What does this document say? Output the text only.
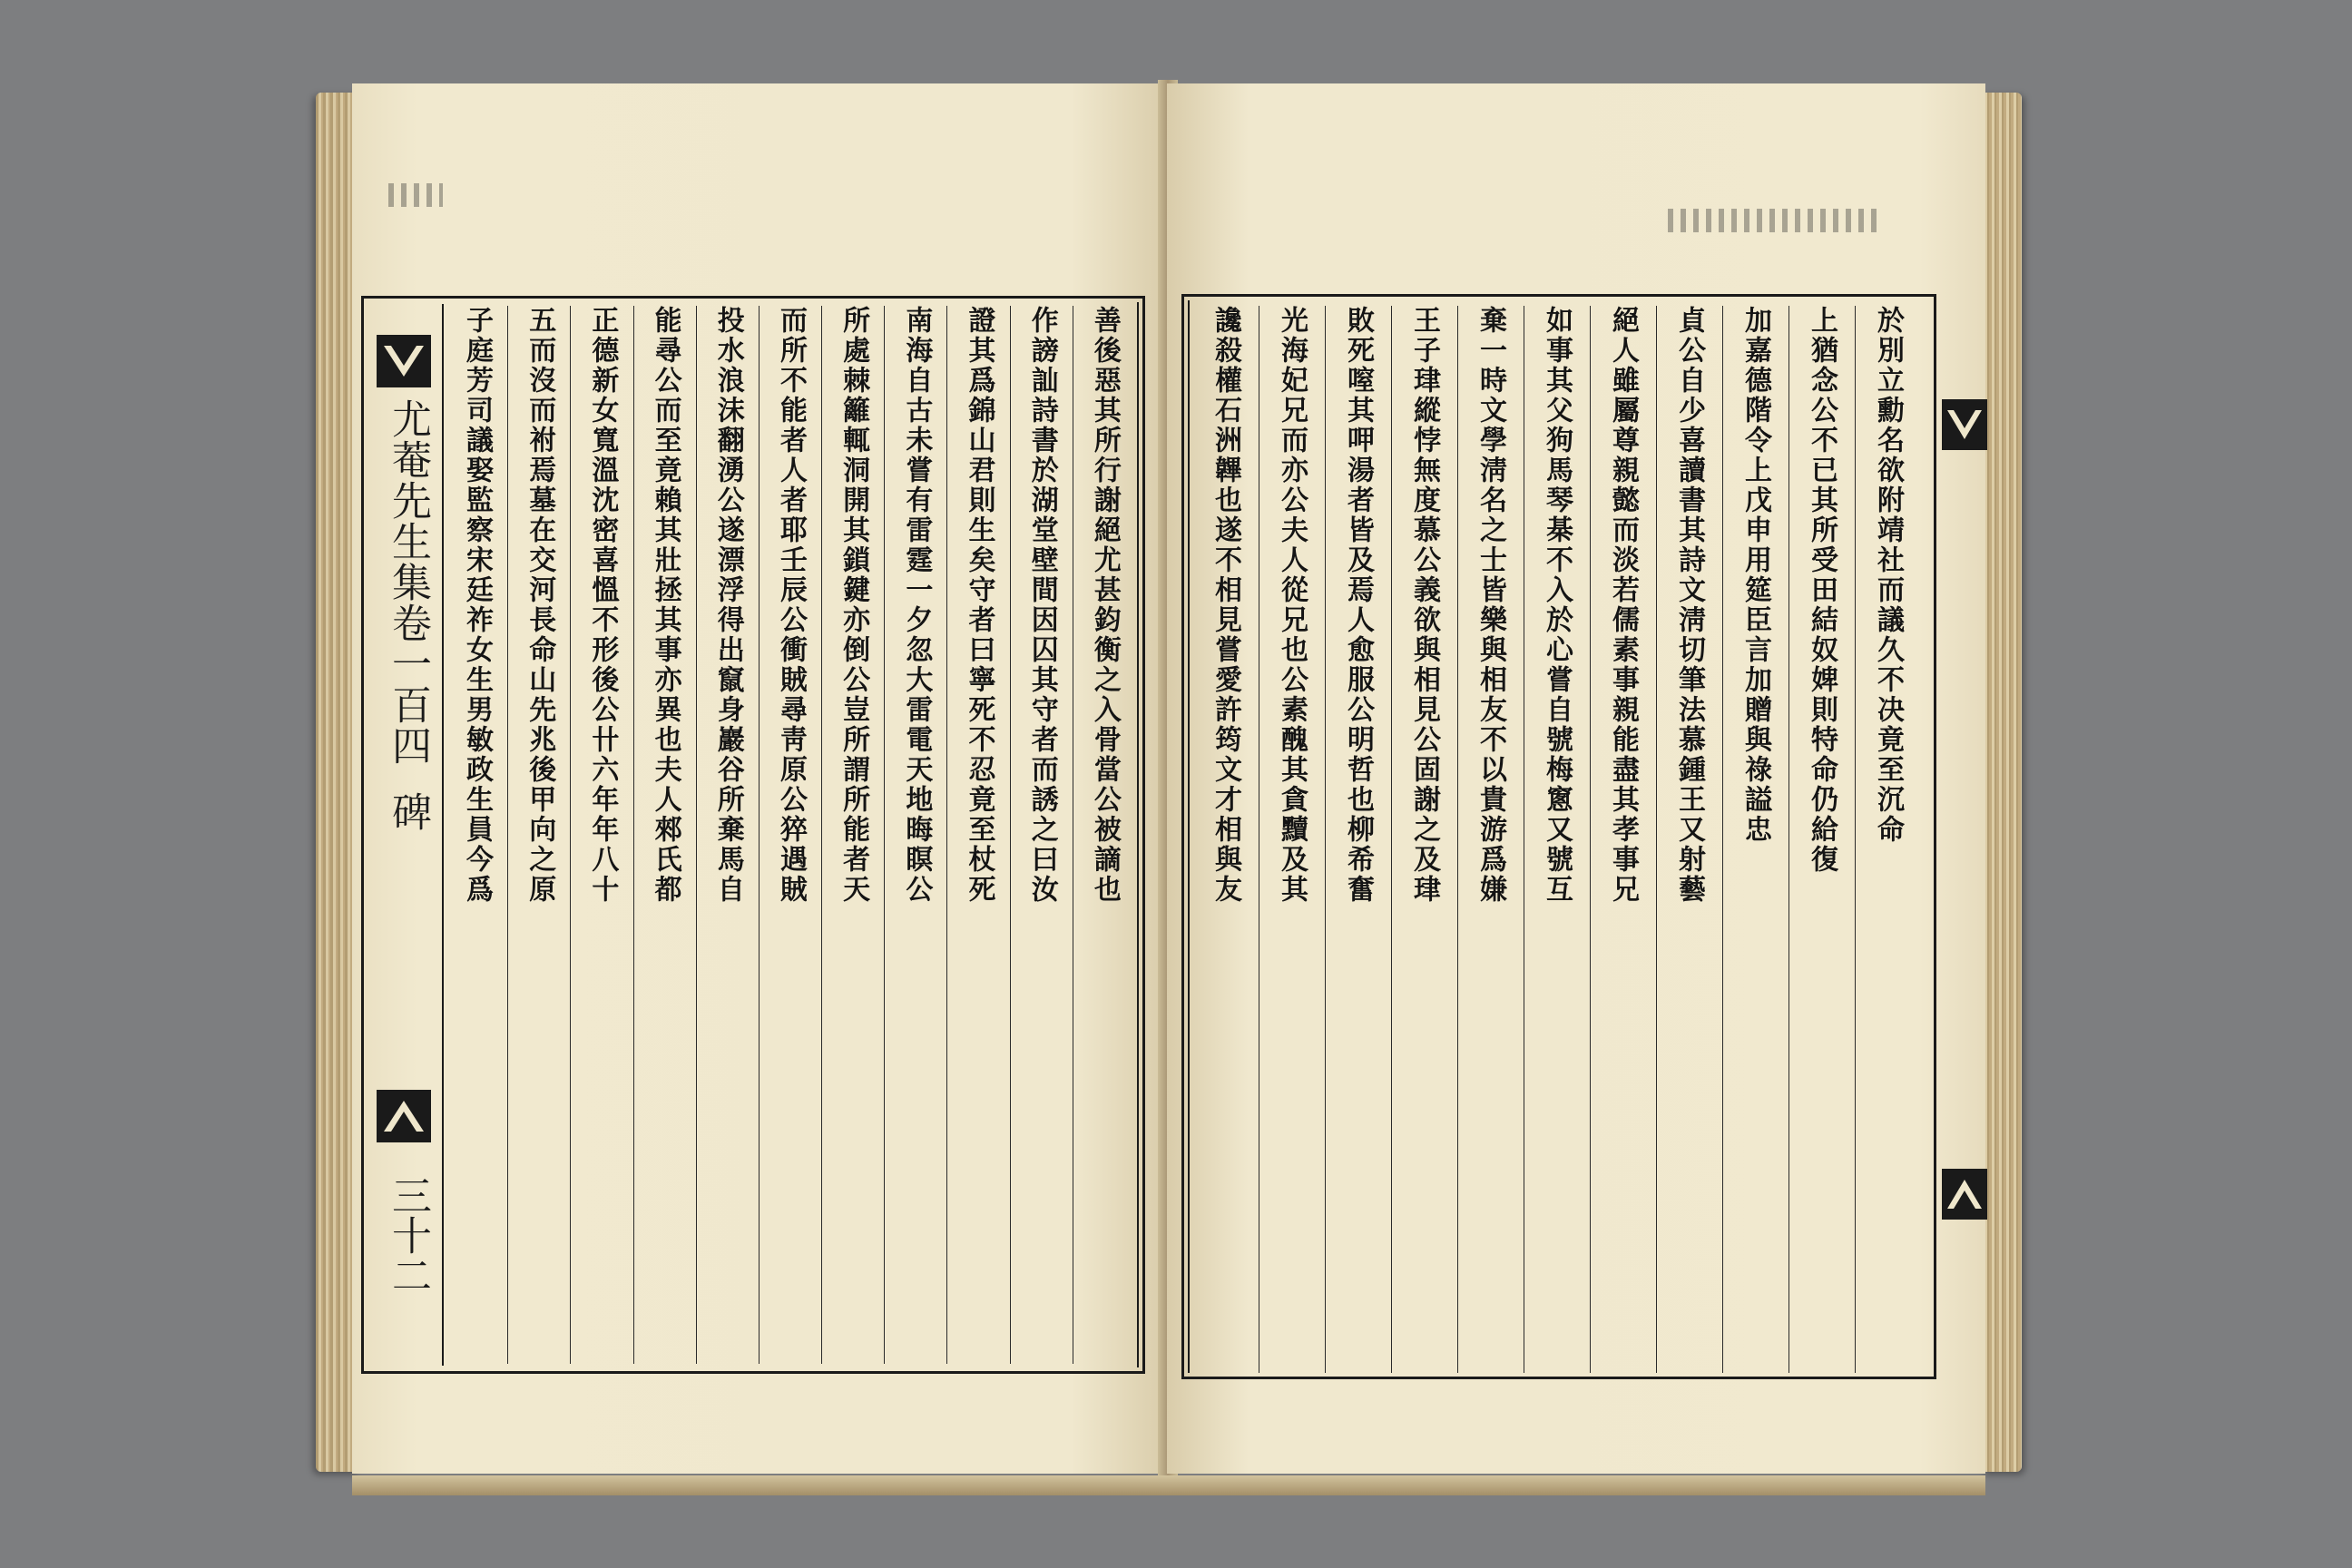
尤菴先生集卷一百四碑
三十二
善後惡其所行謝絕尤甚鈞衡之入骨當公被謫也
作謗訕詩書於湖堂壁間因囚其守者而誘之曰汝
證其爲錦山君則生矣守者曰寧死不忍竟至杖死
南海自古未嘗有雷霆一夕忽大雷電天地晦瞑公
所處棘籬輒洞開其鎖鍵亦倒公豈所謂所能者天
而所不能者人者耶壬辰公衝賊尋靑原公猝遇賊
投水浪沫翻湧公遂漂浮得出竄身巖谷所棄馬自
能尋公而至竟賴其壯拯其事亦異也夫人郲氏都
正德新女寬溫沈密喜慍不形後公卄六年年八十
五而沒而祔焉墓在交河長命山先兆後甲向之原
子庭芳司議娶監察宋廷祚女生男敏政生員今爲	於別立勳名欲附靖社而議久不决竟至沉命
上猶念公不已其所受田結奴婢則特命仍給復
加嘉德階令上戊申用筵臣言加贈與祿謚忠
貞公自少喜讀書其詩文淸切筆法慕鍾王又射藝
絕人雖屬尊親懿而淡若儒素事親能盡其孝事兄
如事其父狗馬琴棊不入於心嘗自號梅窻又號互
棄一時文學淸名之士皆樂與相友不以貴游爲嫌
王子珒縱悖無度慕公義欲與相見公固謝之及珒
敗死㗧其呷湯者皆及焉人愈服公明哲也柳希奮
光海妃兄而亦公夫人從兄也公素醜其貪黷及其
讒殺權石洲韠也遂不相見嘗愛許筠文才相與友
